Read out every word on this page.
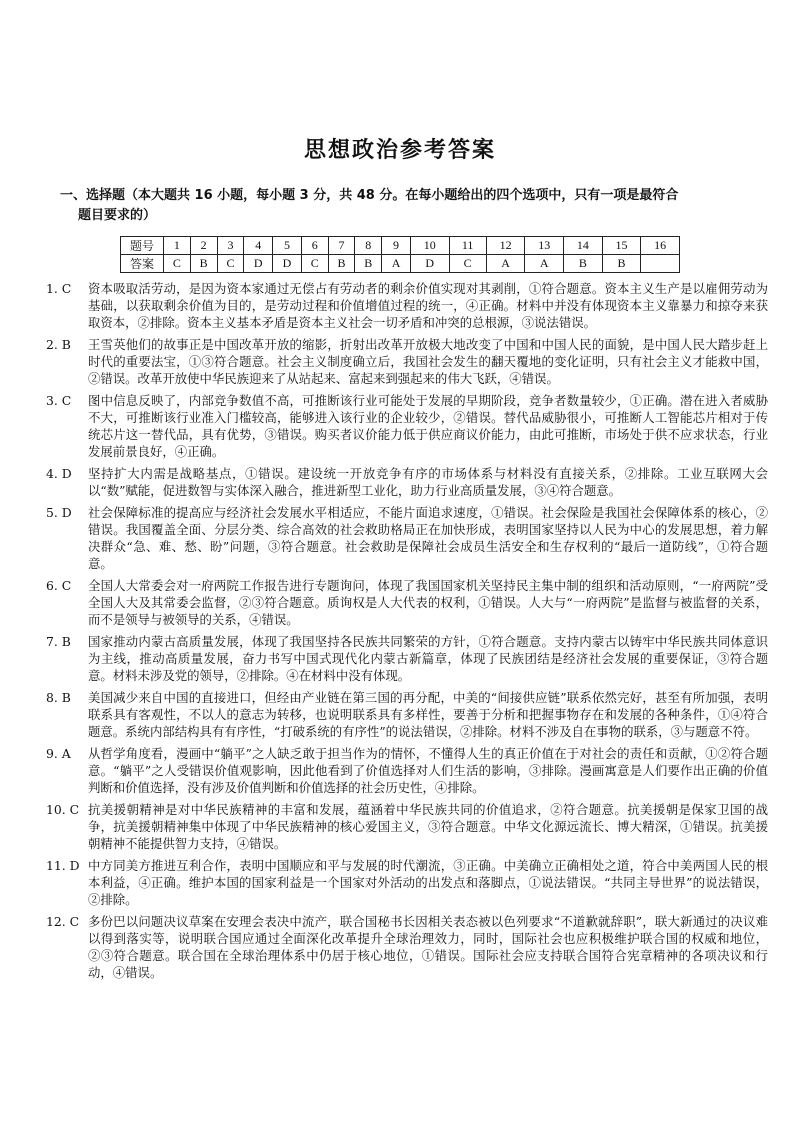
思想政治参考答案
一、选择题（本大题共 16 小题，每小题 3 分，共 48 分。在每小题给出的四个选项中，只有一项是最符合
题目要求的）
题号	1	2	3	4	5	6	7	8	9	10	11	12	13	14	15	16
答案	C	B	C	D	D	C	B	B	A	D	C	A	A	B	B	
1. C	资本吸取活劳动，是因为资本家通过无偿占有劳动者的剩余价值实现对其剥削，①符合题意。资本主义生产是以雇佣劳动为基础，以获取剩余价值为目的，是劳动过程和价值增值过程的统一，④正确。材料中并没有体现资本主义靠暴力和掠夺来获取资本，②排除。资本主义基本矛盾是资本主义社会一切矛盾和冲突的总根源，③说法错误。
2. B	王雪英他们的故事正是中国改革开放的缩影，折射出改革开放极大地改变了中国和中国人民的面貌，是中国人民大踏步赶上时代的重要法宝，①③符合题意。社会主义制度确立后，我国社会发生的翻天覆地的变化证明，只有社会主义才能救中国，②错误。改革开放使中华民族迎来了从站起来、富起来到强起来的伟大飞跃，④错误。
3. C	图中信息反映了，内部竞争数值不高，可推断该行业可能处于发展的早期阶段，竞争者数量较少，①正确。潜在进入者威胁不大，可推断该行业准入门槛较高，能够进入该行业的企业较少，②错误。替代品威胁很小，可推断人工智能芯片相对于传统芯片这一替代品，具有优势，③错误。购买者议价能力低于供应商议价能力，由此可推断，市场处于供不应求状态，行业发展前景良好，④正确。
4. D	坚持扩大内需是战略基点，①错误。建设统一开放竞争有序的市场体系与材料没有直接关系，②排除。工业互联网大会以“数”赋能，促进数智与实体深入融合，推进新型工业化，助力行业高质量发展，③④符合题意。
5. D	社会保障标准的提高应与经济社会发展水平相适应，不能片面追求速度，①错误。社会保险是我国社会保障体系的核心，②错误。我国覆盖全面、分层分类、综合高效的社会救助格局正在加快形成，表明国家坚持以人民为中心的发展思想，着力解决群众“急、难、愁、盼”问题，③符合题意。社会救助是保障社会成员生活安全和生存权利的“最后一道防线”，①符合题意。
6. C	全国人大常委会对一府两院工作报告进行专题询问，体现了我国国家机关坚持民主集中制的组织和活动原则，“一府两院”受全国人大及其常委会监督，②③符合题意。质询权是人大代表的权利，①错误。人大与“一府两院”是监督与被监督的关系，而不是领导与被领导的关系，④错误。
7. B	国家推动内蒙古高质量发展，体现了我国坚持各民族共同繁荣的方针，①符合题意。支持内蒙古以铸牢中华民族共同体意识为主线，推动高质量发展，奋力书写中国式现代化内蒙古新篇章，体现了民族团结是经济社会发展的重要保证，③符合题意。材料未涉及党的领导，②排除。④在材料中没有体现。
8. B	美国减少来自中国的直接进口，但经由产业链在第三国的再分配，中美的“间接供应链”联系依然完好，甚至有所加强，表明联系具有客观性，不以人的意志为转移，也说明联系具有多样性，要善于分析和把握事物存在和发展的各种条件，①④符合题意。系统内部结构具有有序性，“打破系统的有序性”的说法错误，②排除。材料不涉及自在事物的联系，③与题意不符。
9. A	从哲学角度看，漫画中“躺平”之人缺乏敢于担当作为的情怀，不懂得人生的真正价值在于对社会的责任和贡献，①②符合题意。“躺平”之人受错误价值观影响，因此他看到了价值选择对人们生活的影响，③排除。漫画寓意是人们要作出正确的价值判断和价值选择，没有涉及价值判断和价值选择的社会历史性，④排除。
10. C 抗美援朝精神是对中华民族精神的丰富和发展，蕴涵着中华民族共同的价值追求，②符合题意。抗美援朝是保家卫国的战争，抗美援朝精神集中体现了中华民族精神的核心爱国主义，③符合题意。中华文化源远流长、博大精深，①错误。抗美援朝精神不能提供智力支持，④错误。
11. D 中方同美方推进互利合作，表明中国顺应和平与发展的时代潮流，③正确。中美确立正确相处之道，符合中美两国人民的根本利益，④正确。维护本国的国家利益是一个国家对外活动的出发点和落脚点，①说法错误。“共同主导世界”的说法错误，②排除。
12. C 多份巴以问题决议草案在安理会表决中流产，联合国秘书长因相关表态被以色列要求“不道歉就辞职”，联大新通过的决议难以得到落实等，说明联合国应通过全面深化改革提升全球治理效力，同时，国际社会也应积极维护联合国的权威和地位，②③符合题意。联合国在全球治理体系中仍居于核心地位，①错误。国际社会应支持联合国符合宪章精神的各项决议和行动，④错误。
